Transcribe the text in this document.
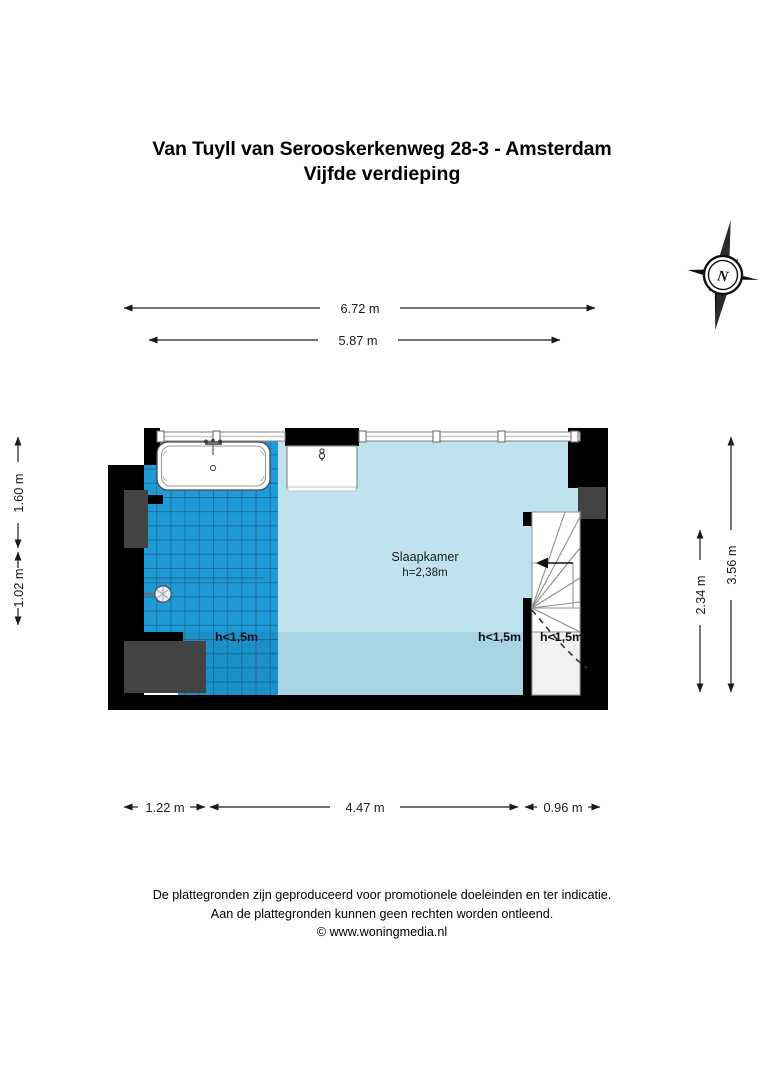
Van Tuyll van Serooskerkenweg 28-3 - Amsterdam
Vijfde verdieping
De plattegronden zijn geproduceerd voor promotionele doeleinden en ter indicatie.
Aan de plattegronden kunnen geen rechten worden ontleend.
© www.woningmedia.nl
Slaapkamer
h=2,38m
h<1,5m	h<1,5m h<1,5m
6.72 m
5.87 m
1.22 m	4.47 m	0.96 m
1.60 m
1.02 m	2.34 m
3.56 m
N
